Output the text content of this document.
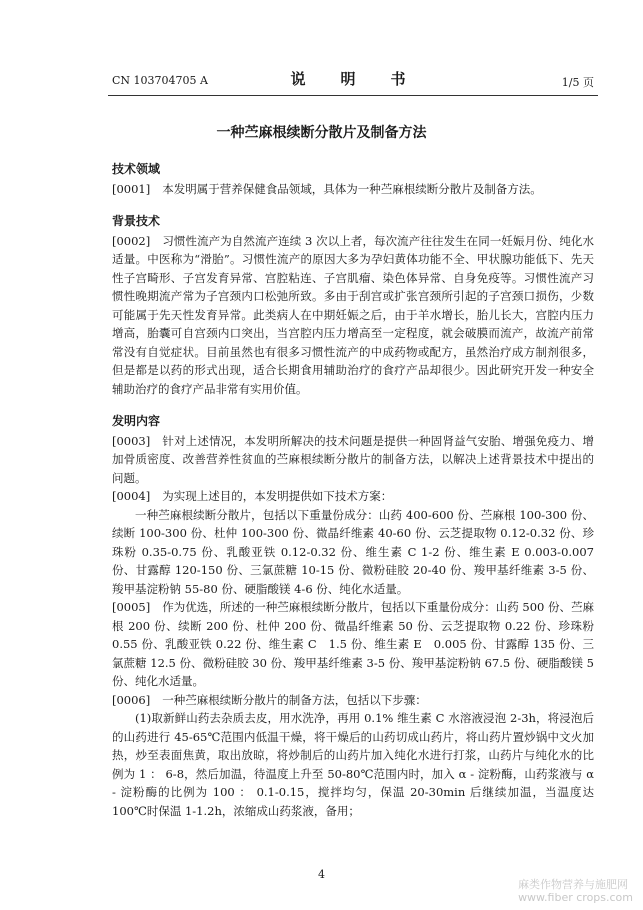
CN 103704705 A	说　明　书	1/5 页
一种苎麻根续断分散片及制备方法
技术领域

[0001] 本发明属于营养保健食品领域，具体为一种苎麻根续断分散片及制备方法。

背景技术

[0002] 习惯性流产为自然流产连续 3 次以上者，每次流产往往发生在同一妊娠月份、纯化水适量。中医称为“滑胎”。习惯性流产的原因大多为孕妇黄体功能不全、甲状腺功能低下、先天性子宫畸形、子宫发育异常、宫腔粘连、子宫肌瘤、染色体异常、自身免疫等。习惯性流产习惯性晚期流产常为子宫颈内口松弛所致。多由于刮宫或扩张宫颈所引起的子宫颈口损伤，少数可能属于先天性发育异常。此类病人在中期妊娠之后，由于羊水增长，胎儿长大，宫腔内压力增高，胎囊可自宫颈内口突出，当宫腔内压力增高至一定程度，就会破膜而流产，故流产前常常没有自觉症状。目前虽然也有很多习惯性流产的中成药物或配方，虽然治疗成方制剂很多，但是都是以药的形式出现，适合长期食用辅助治疗的食疗产品却很少。因此研究开发一种安全辅助治疗的食疗产品非常有实用价值。

发明内容

[0003] 针对上述情况，本发明所解决的技术问题是提供一种固肾益气安胎、增强免疫力、增加骨质密度、改善营养性贫血的苎麻根续断分散片的制备方法，以解决上述背景技术中提出的问题。

[0004] 为实现上述目的，本发明提供如下技术方案：

一种苎麻根续断分散片，包括以下重量份成分：山药 400-600 份、苎麻根 100-300 份、续断 100-300 份、杜仲 100-300 份、微晶纤维素 40-60 份、云芝提取物 0.12-0.32 份、珍珠粉 0.35-0.75 份、乳酸亚铁 0.12-0.32 份、维生素 C 1-2 份、维生素 E 0.003-0.007 份、甘露醇 120-150 份、三氯蔗糖 10-15 份、微粉硅胶 20-40 份、羧甲基纤维素 3-5 份、羧甲基淀粉钠 55-80 份、硬脂酸镁 4-6 份、纯化水适量。

[0005] 作为优选，所述的一种苎麻根续断分散片，包括以下重量份成分：山药 500 份、苎麻根 200 份、续断 200 份、杜仲 200 份、微晶纤维素 50 份、云芝提取物 0.22 份、珍珠粉 0.55 份、乳酸亚铁 0.22 份、维生素 C　1.5 份、维生素 E　0.005 份、甘露醇 135 份、三氯蔗糖 12.5 份、微粉硅胶 30 份、羧甲基纤维素 3-5 份、羧甲基淀粉钠 67.5 份、硬脂酸镁 5 份、纯化水适量。

[0006] 一种苎麻根续断分散片的制备方法，包括以下步骤：

(1)取新鲜山药去杂质去皮，用水洗净，再用 0.1% 维生素 C 水溶液浸泡 2-3h，将浸泡后的山药进行 45-65℃范围内低温干燥，将干燥后的山药切成山药片，将山药片置炒锅中文火加热，炒至表面焦黄，取出放晾，将炒制后的山药片加入纯化水进行打浆，山药片与纯化水的比例为 1 ： 6-8，然后加温，待温度上升至 50-80℃范围内时，加入 α - 淀粉酶，山药浆液与 α - 淀粉酶的比例为 100 ： 0.1-0.15，搅拌均匀，保温 20-30min 后继续加温，当温度达 100℃时保温 1-1.2h，浓缩成山药浆液，备用；

4
麻类作物营养与施肥网
www.fiber crops.com
